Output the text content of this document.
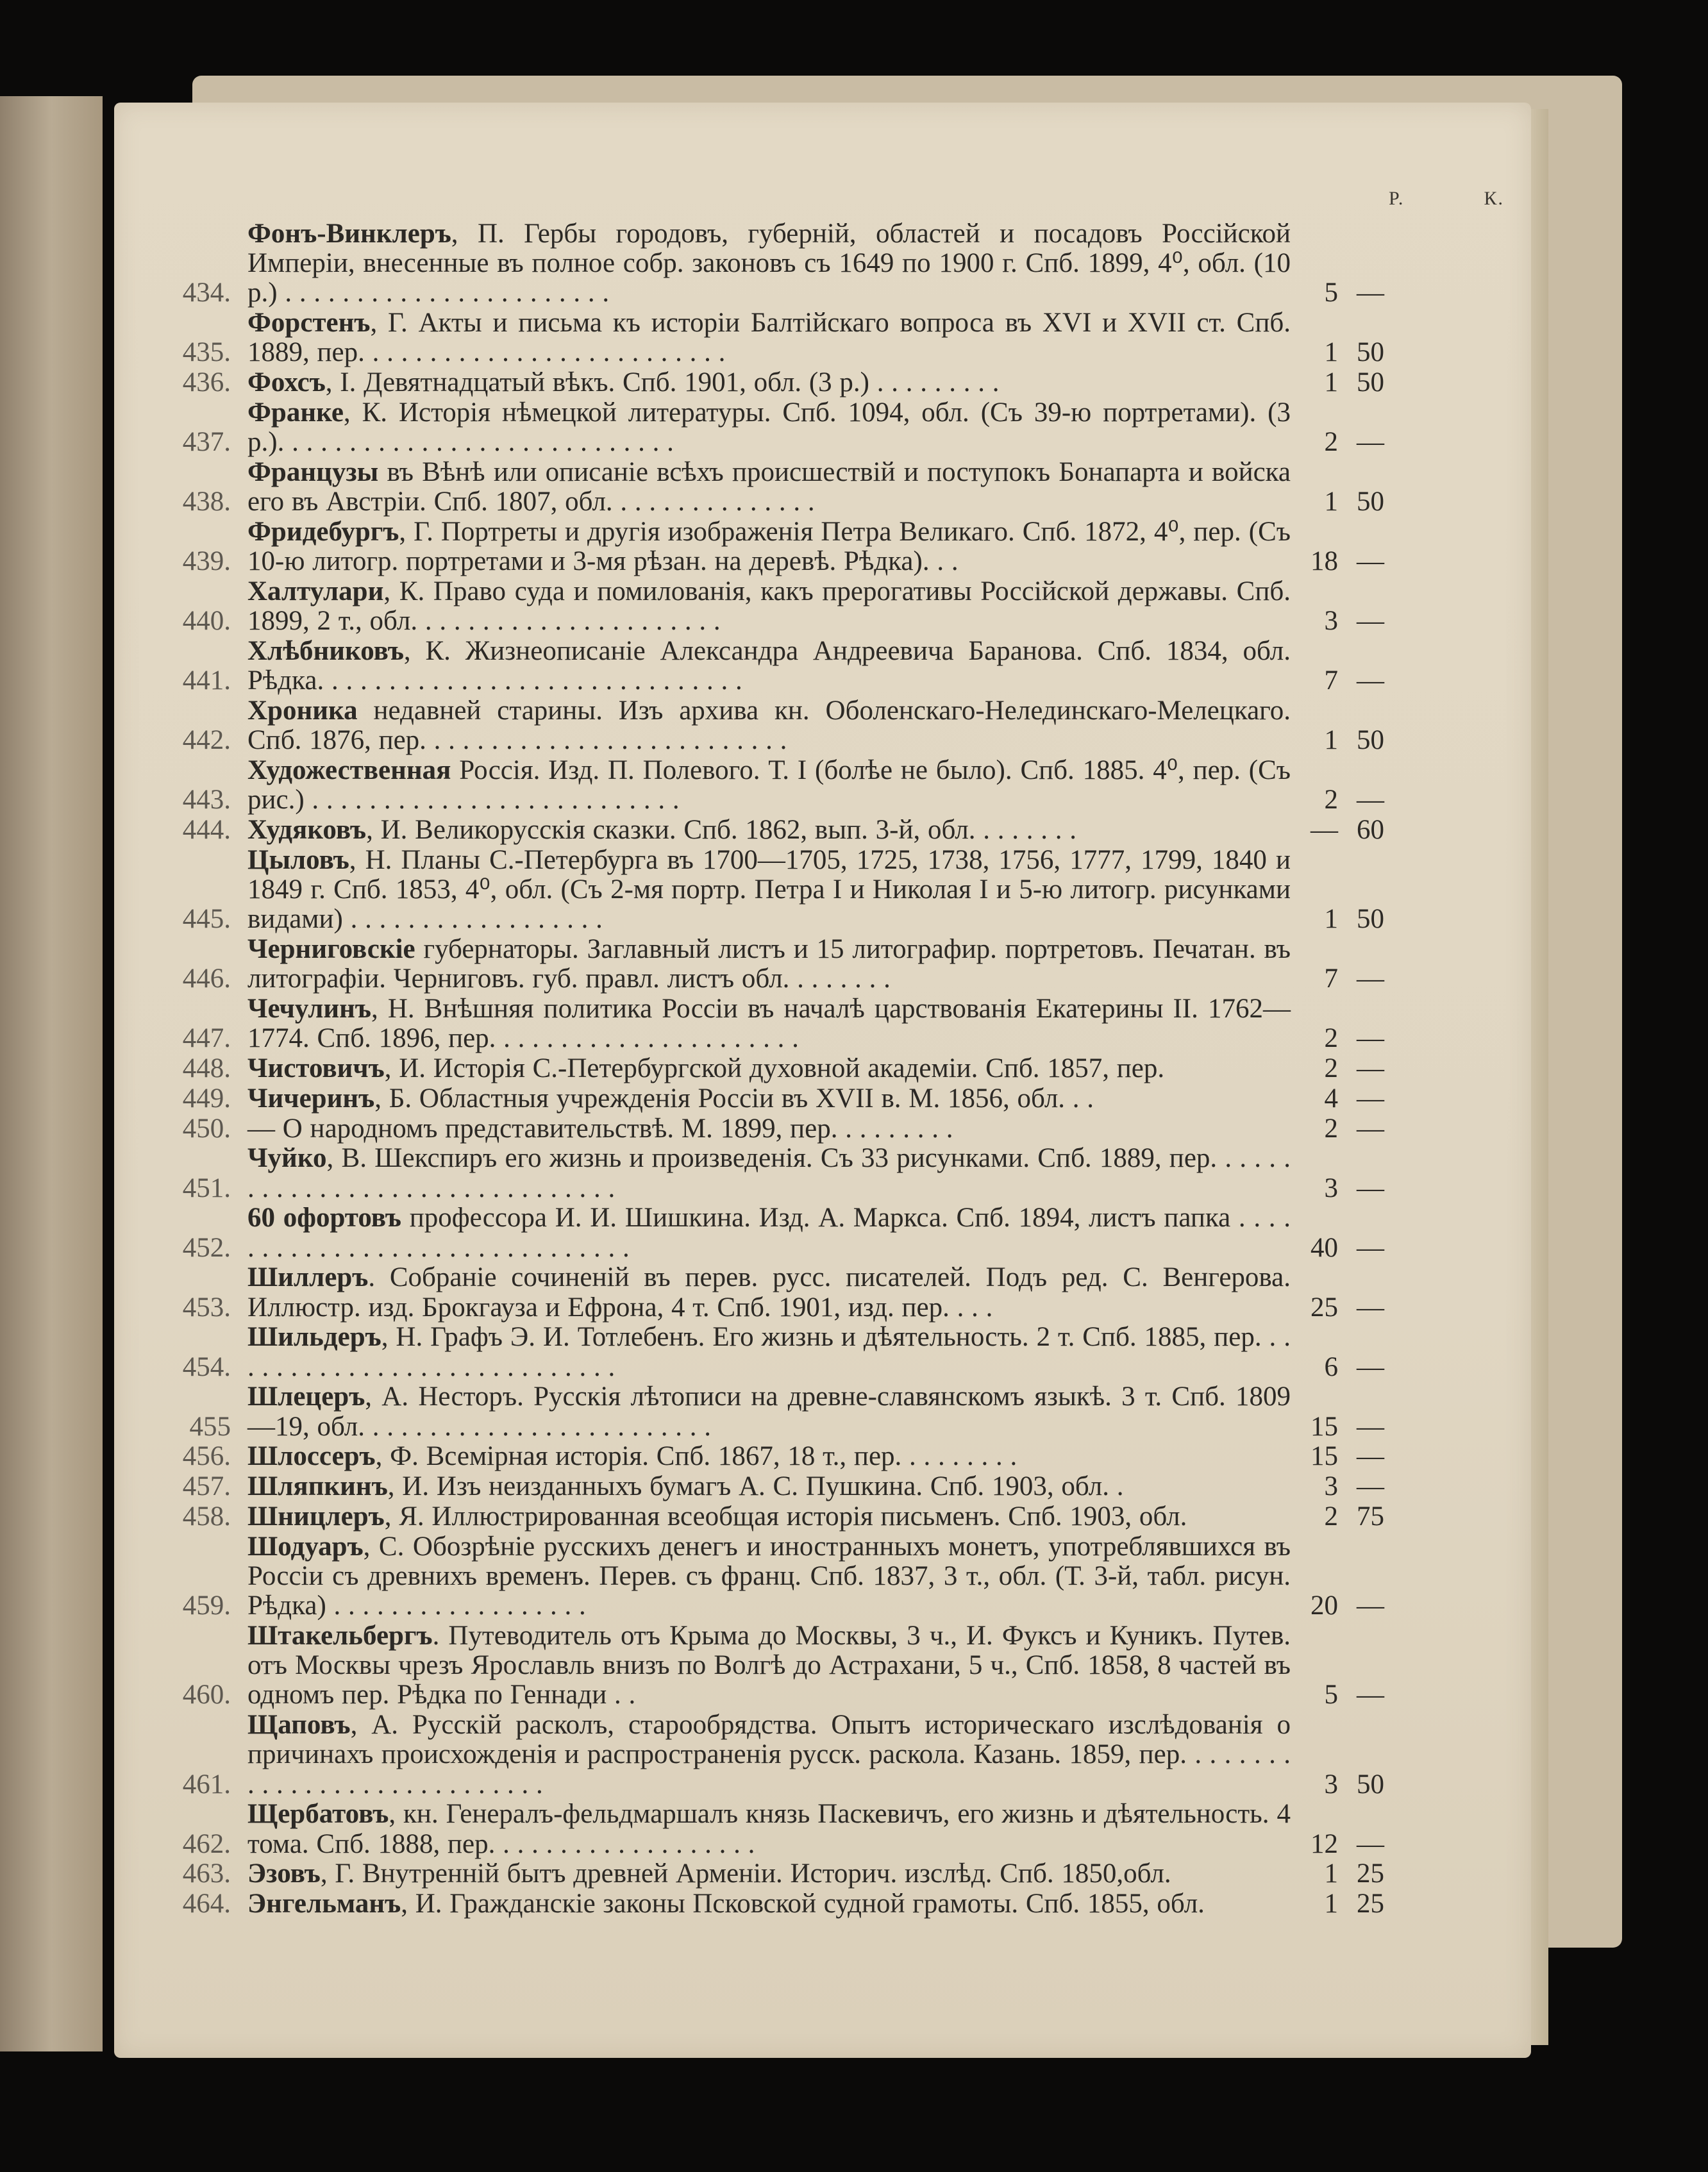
Р.	К.
434.
Фонъ-Винклеръ, П. Гербы городовъ, губерній, областей и посадовъ Россійской Имперіи, внесенные въ полное собр. законовъ съ 1649 по 1900 г. Спб. 1899, 4⁰, обл. (10 р.) . . . . . . . . . . . . . . . . . . . . . . .	5 —
435.
Форстенъ, Г. Акты и письма къ исторіи Балтійскаго вопроса въ XVI и XVII ст. Спб. 1889, пер. . . . . . . . . . . . . . . . . . . . . . . . . .	1 50
436. Фохсъ, I. Девятнадцатый вѣкъ. Спб. 1901, обл. (3 р.) . . . . . . . . .	1 50
437.
Франке, К. Исторія нѣмецкой литературы. Спб. 1094, обл. (Съ 39-ю портретами). (3 р.). . . . . . . . . . . . . . . . . . . . . . . . . . . .	2 —
438.
Французы въ Вѣнѣ или описаніе всѣхъ происшествій и поступокъ Бонапарта и войска его въ Австріи. Спб. 1807, обл. . . . . . . . . . . . . . .	1 50
439.
Фридебургъ, Г. Портреты и другія изображенія Петра Великаго. Спб. 1872, 4⁰, пер. (Съ 10-ю литогр. портретами и 3-мя рѣзан. на деревѣ. Рѣдка). . .	18 —
440.
Халтулари, К. Право суда и помилованія, какъ прерогативы Россійской державы. Спб. 1899, 2 т., обл. . . . . . . . . . . . . . . . . . . . . .	3 —
441.
Хлѣбниковъ, К. Жизнеописаніе Александра Андреевича Баранова. Спб. 1834, обл. Рѣдка. . . . . . . . . . . . . . . . . . . . . . . . . . . . . .	7 —
442.
Хроника недавней старины. Изъ архива кн. Оболенскаго-Нелединскаго-Мелецкаго. Спб. 1876, пер. . . . . . . . . . . . . . . . . . . . . . . . . .	1 50
443.
Художественная Россія. Изд. П. Полевого. Т. I (болѣе не было). Спб. 1885. 4⁰, пер. (Съ рис.) . . . . . . . . . . . . . . . . . . . . . . . . . .	2 —
444. Худяковъ, И. Великорусскія сказки. Спб. 1862, вып. 3-й, обл. . . . . . . .	— 60
445.
Цыловъ, Н. Планы С.-Петербурга въ 1700—1705, 1725, 1738, 1756, 1777, 1799, 1840 и 1849 г. Спб. 1853, 4⁰, обл. (Съ 2-мя портр. Петра I и Николая I и 5-ю литогр. рисунками видами) . . . . . . . . . . . . . . . . . .	1 50
446.
Черниговскіе губернаторы. Заглавный листъ и 15 литографир. портретовъ. Печатан. въ литографіи. Черниговъ. губ. правл. листъ обл. . . . . . . .	7 —
447.
Чечулинъ, Н. Внѣшняя политика Россіи въ началѣ царствованія Екатерины II. 1762—1774. Спб. 1896, пер. . . . . . . . . . . . . . . . . . . . . .	2 —
448. Чистовичъ, И. Исторія С.-Петербургской духовной академіи. Спб. 1857, пер.	2 —
449. Чичеринъ, Б. Областныя учрежденія Россіи въ XVII в. М. 1856, обл. . .	4 —
450. — О народномъ представительствѣ. М. 1899, пер. . . . . . . . .	2 —
451.
Чуйко, В. Шекспиръ его жизнь и произведенія. Съ 33 рисунками. Спб. 1889, пер. . . . . . . . . . . . . . . . . . . . . . . . . . . . . . . .	3 —
452.
60 офортовъ профессора И. И. Шишкина. Изд. А. Маркса. Спб. 1894, листъ папка . . . . . . . . . . . . . . . . . . . . . . . . . . . . . . .	40 —
453.
Шиллеръ. Собраніе сочиненій въ перев. русс. писателей. Подъ ред. С. Венгерова. Иллюстр. изд. Брокгауза и Ефрона, 4 т. Спб. 1901, изд. пер. . . .	25 —
454.
Шильдеръ, Н. Графъ Э. И. Тотлебенъ. Его жизнь и дѣятельность. 2 т. Спб. 1885, пер. . . . . . . . . . . . . . . . . . . . . . . . . . . . .	6 —
455
Шлецеръ, А. Несторъ. Русскія лѣтописи на древне-славянскомъ языкѣ. 3 т. Спб. 1809—19, обл. . . . . . . . . . . . . . . . . . . . . . . . .	15 —
456. Шлоссеръ, Ф. Всемірная исторія. Спб. 1867, 18 т., пер. . . . . . . . .	15 —
457. Шляпкинъ, И. Изъ неизданныхъ бумагъ А. С. Пушкина. Спб. 1903, обл. .	3 —
458. Шницлеръ, Я. Иллюстрированная всеобщая исторія письменъ. Спб. 1903, обл.	2 75
459.
Шодуаръ, С. Обозрѣніе русскихъ денегъ и иностранныхъ монетъ, употреблявшихся въ Россіи съ древнихъ временъ. Перев. съ франц. Спб. 1837, 3 т., обл. (Т. 3-й, табл. рисун. Рѣдка) . . . . . . . . . . . . . . . . . .	20 —
460.
Штакельбергъ. Путеводитель отъ Крыма до Москвы, 3 ч., И. Фуксъ и Куникъ. Путев. отъ Москвы чрезъ Ярославль внизъ по Волгѣ до Астрахани, 5 ч., Спб. 1858, 8 частей въ одномъ пер. Рѣдка по Геннади . .	5 —
461.
Щаповъ, А. Русскій расколъ, старообрядства. Опытъ историческаго изслѣдованія о причинахъ происхожденія и распространенія русск. раскола. Казань. 1859, пер. . . . . . . . . . . . . . . . . . . . . . . . . . . . .	3 50
462.
Щербатовъ, кн. Генералъ-фельдмаршалъ князь Паскевичъ, его жизнь и дѣятельность. 4 тома. Спб. 1888, пер. . . . . . . . . . . . . . . . . . .	12 —
463. Эзовъ, Г. Внутренній бытъ древней Арменіи. Историч. изслѣд. Спб. 1850,обл.	1 25
464. Энгельманъ, И. Гражданскіе законы Псковской судной грамоты. Спб. 1855, обл.	1 25
